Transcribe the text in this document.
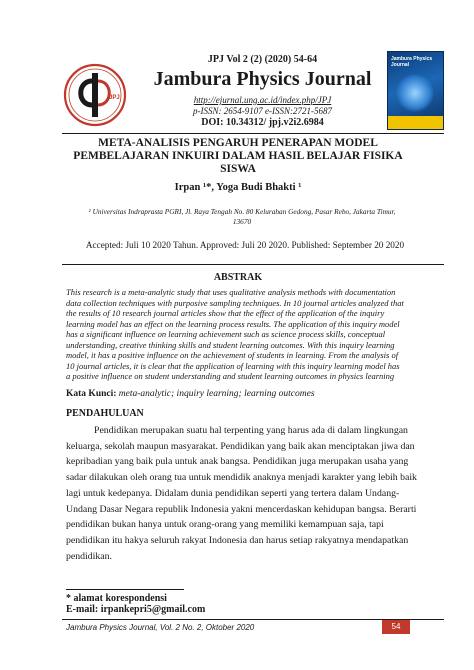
JPJ
Jambura Physics Journal
JPJ Vol 2 (2) (2020) 54-64
Jambura Physics Journal
http://ejurnal.ung.ac.id/index.php/JPJ
p-ISSN: 2654-9107 e-ISSN:2721-5687
DOI: 10.34312/ jpj.v2i2.6984
META-ANALISIS PENGARUH PENERAPAN MODEL
PEMBELAJARAN INKUIRI DALAM HASIL BELAJAR FISIKA
SISWA
Irpan ¹*, Yoga Budi Bhakti ¹
¹ Universitas Indraprasta PGRI, Jl. Raya Tengah No. 80 Kelurahan Gedong, Pasar Rebo, Jakarta Timur,
13670
Accepted: Juli 10 2020 Tahun. Approved: Juli 20 2020. Published: September 20 2020
ABSTRAK
This research is a meta-analytic study that uses qualitative analysis methods with documentation
data collection techniques with purposive sampling techniques. In 10 journal articles analyzed that
the results of 10 research journal articles show that the effect of the application of the inquiry
learning model has an effect on the learning process results. The application of this inquiry model
has a significant influence on learning achievement such as science process skills, conceptual
understanding, creative thinking skills and student learning outcomes. With this inquiry learning
model, it has a positive influence on the achievement of students in learning. From the analysis of
10 journal articles, it is clear that the application of learning with this inquiry learning model has
a positive influence on student understanding and student learning outcomes in physics learning
Kata Kunci: meta-analytic; inquiry learning; learning outcomes
PENDAHULUAN
Pendidikan merupakan suatu hal terpenting yang harus ada di dalam lingkungan
keluarga, sekolah maupun masyarakat. Pendidikan yang baik akan menciptakan jiwa dan
kepribadian yang baik pula untuk anak bangsa. Pendidikan juga merupakan usaha yang
sadar dilakukan oleh orang tua untuk mendidik anaknya menjadi karakter yang lebih baik
lagi untuk kedepanya. Didalam dunia pendidikan seperti yang tertera dalam Undang-
Undang Dasar Negara republik Indonesia yakni mencerdaskan kehidupan bangsa. Berarti
pendidikan bukan hanya untuk orang-orang yang memiliki kemampuan saja, tapi
pendidikan itu hakya seluruh rakyat Indonesia dan harus setiap rakyatnya mendapatkan
pendidikan.
* alamat korespondensi
E-mail: irpankepri5@gmail.com
Jambura Physics Journal, Vol. 2 No. 2, Oktober 2020	54
